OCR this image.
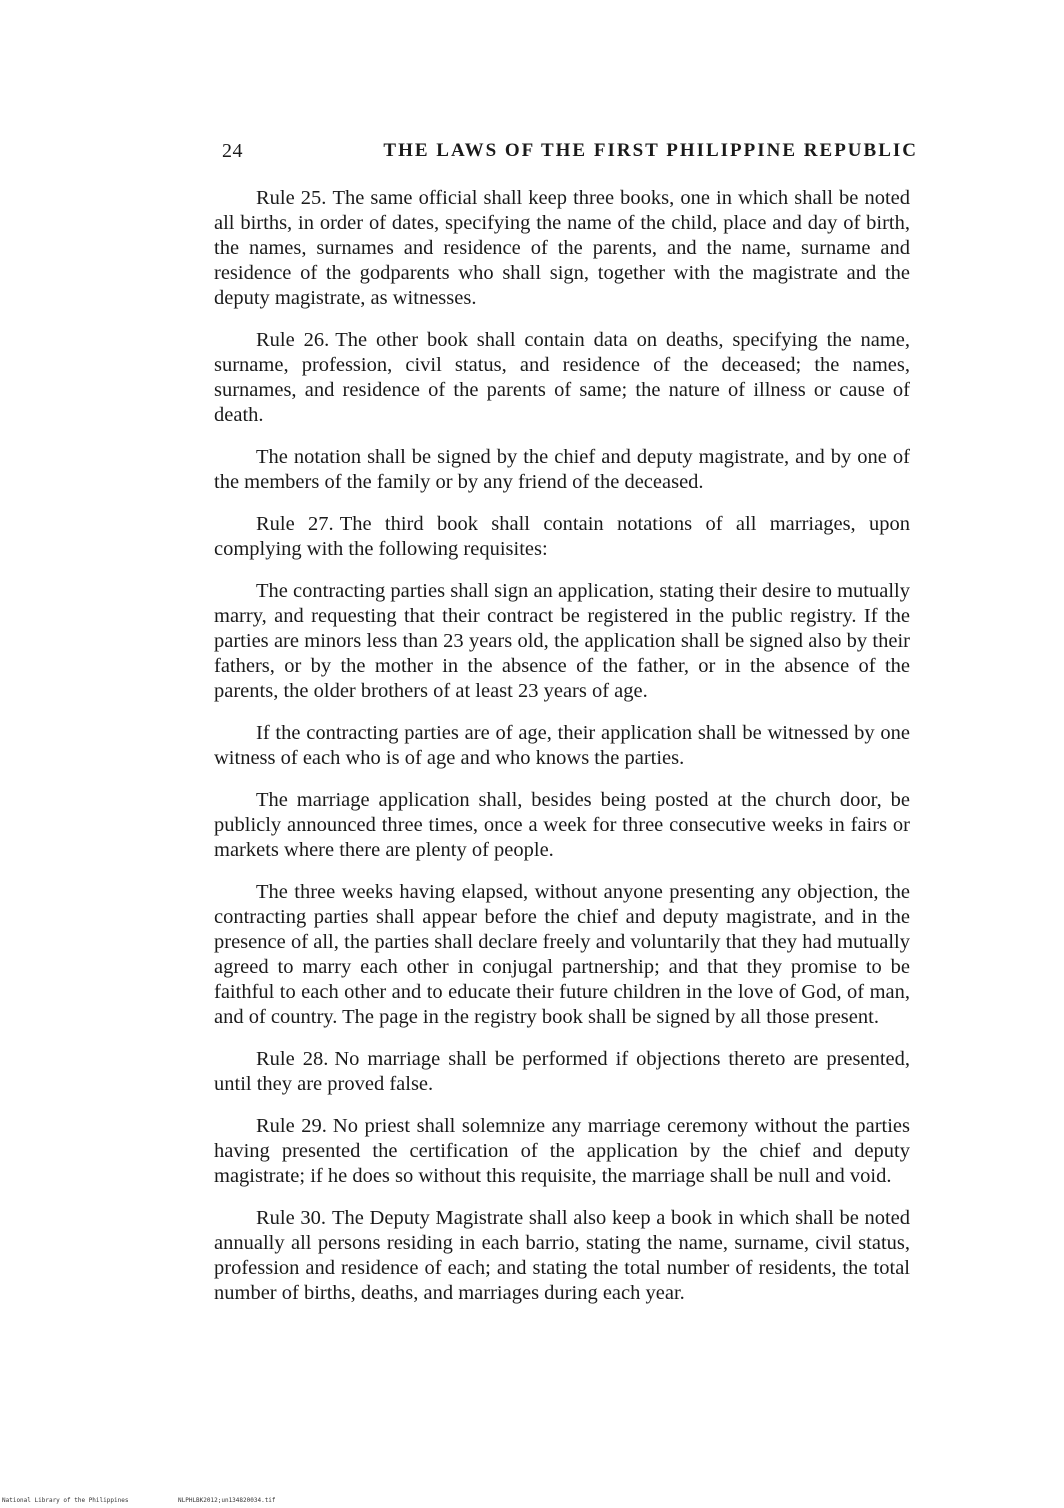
24	THE LAWS OF THE FIRST PHILIPPINE REPUBLIC

Rule 25. The same official shall keep three books, one in which shall be noted all births, in order of dates, specifying the name of the child, place and day of birth, the names, surnames and residence of the parents, and the name, surname and residence of the godparents who shall sign, together with the magistrate and the deputy magistrate, as witnesses.

Rule 26. The other book shall contain data on deaths, specifying the name, surname, profession, civil status, and residence of the deceased; the names, surnames, and residence of the parents of same; the nature of illness or cause of death.

The notation shall be signed by the chief and deputy magistrate, and by one of the members of the family or by any friend of the deceased.

Rule 27. The third book shall contain notations of all marriages, upon complying with the following requisites:

The contracting parties shall sign an application, stating their desire to mutually marry, and requesting that their contract be registered in the public registry. If the parties are minors less than 23 years old, the application shall be signed also by their fathers, or by the mother in the absence of the father, or in the absence of the parents, the older brothers of at least 23 years of age.

If the contracting parties are of age, their application shall be witnessed by one witness of each who is of age and who knows the parties.

The marriage application shall, besides being posted at the church door, be publicly announced three times, once a week for three consecutive weeks in fairs or markets where there are plenty of people.

The three weeks having elapsed, without anyone presenting any objection, the contracting parties shall appear before the chief and deputy magistrate, and in the presence of all, the parties shall declare freely and voluntarily that they had mutually agreed to marry each other in conjugal partnership; and that they promise to be faithful to each other and to educate their future children in the love of God, of man, and of country. The page in the registry book shall be signed by all those present.

Rule 28. No marriage shall be performed if objections thereto are presented, until they are proved false.

Rule 29. No priest shall solemnize any marriage ceremony without the parties having presented the certification of the application by the chief and deputy magistrate; if he does so without this requisite, the marriage shall be null and void.

Rule 30. The Deputy Magistrate shall also keep a book in which shall be noted annually all persons residing in each barrio, stating the name, surname, civil status, profession and residence of each; and stating the total number of residents, the total number of births, deaths, and marriages during each year.

National Library of the Philippines	NLPHLBK2012;un134820034.tif
